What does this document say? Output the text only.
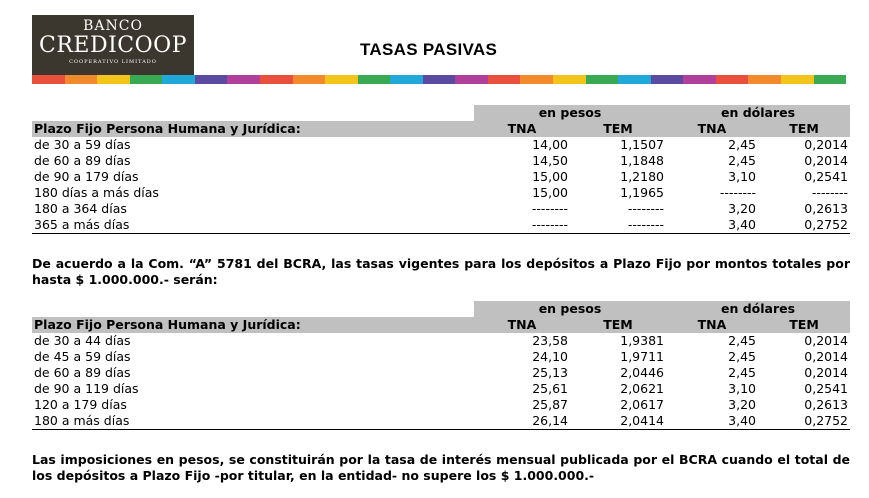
BANCO
CREDICOOP
COOPERATIVO LIMITADO
TASAS PASIVAS
	en pesos		en dólares	
Plazo Fijo Persona Humana y Jurídica:	TNA	TEM	TNA	TEM
de 30 a 59 días	14,00	1,1507	2,45	0,2014
de 60 a 89 días	14,50	1,1848	2,45	0,2014
de 90 a 179 días	15,00	1,2180	3,10	0,2541
180 días a más días	15,00	1,1965	--------	--------
180 a 364 días	--------	--------	3,20	0,2613
365 a más días	--------	--------	3,40	0,2752
De acuerdo a la Com. “A” 5781 del BCRA, las tasas vigentes para los depósitos a Plazo Fijo por montos totales por hasta $ 1.000.000.- serán:
	en pesos		en dólares	
Plazo Fijo Persona Humana y Jurídica:	TNA	TEM	TNA	TEM
de 30 a 44 días	23,58	1,9381	2,45	0,2014
de 45 a 59 días	24,10	1,9711	2,45	0,2014
de 60 a 89 días	25,13	2,0446	2,45	0,2014
de 90 a 119 días	25,61	2,0621	3,10	0,2541
120 a 179 días	25,87	2,0617	3,20	0,2613
180 a más días	26,14	2,0414	3,40	0,2752
Las imposiciones en pesos, se constituirán por la tasa de interés mensual publicada por el BCRA cuando el total de los depósitos a Plazo Fijo -por titular, en la entidad- no supere los $ 1.000.000.-
